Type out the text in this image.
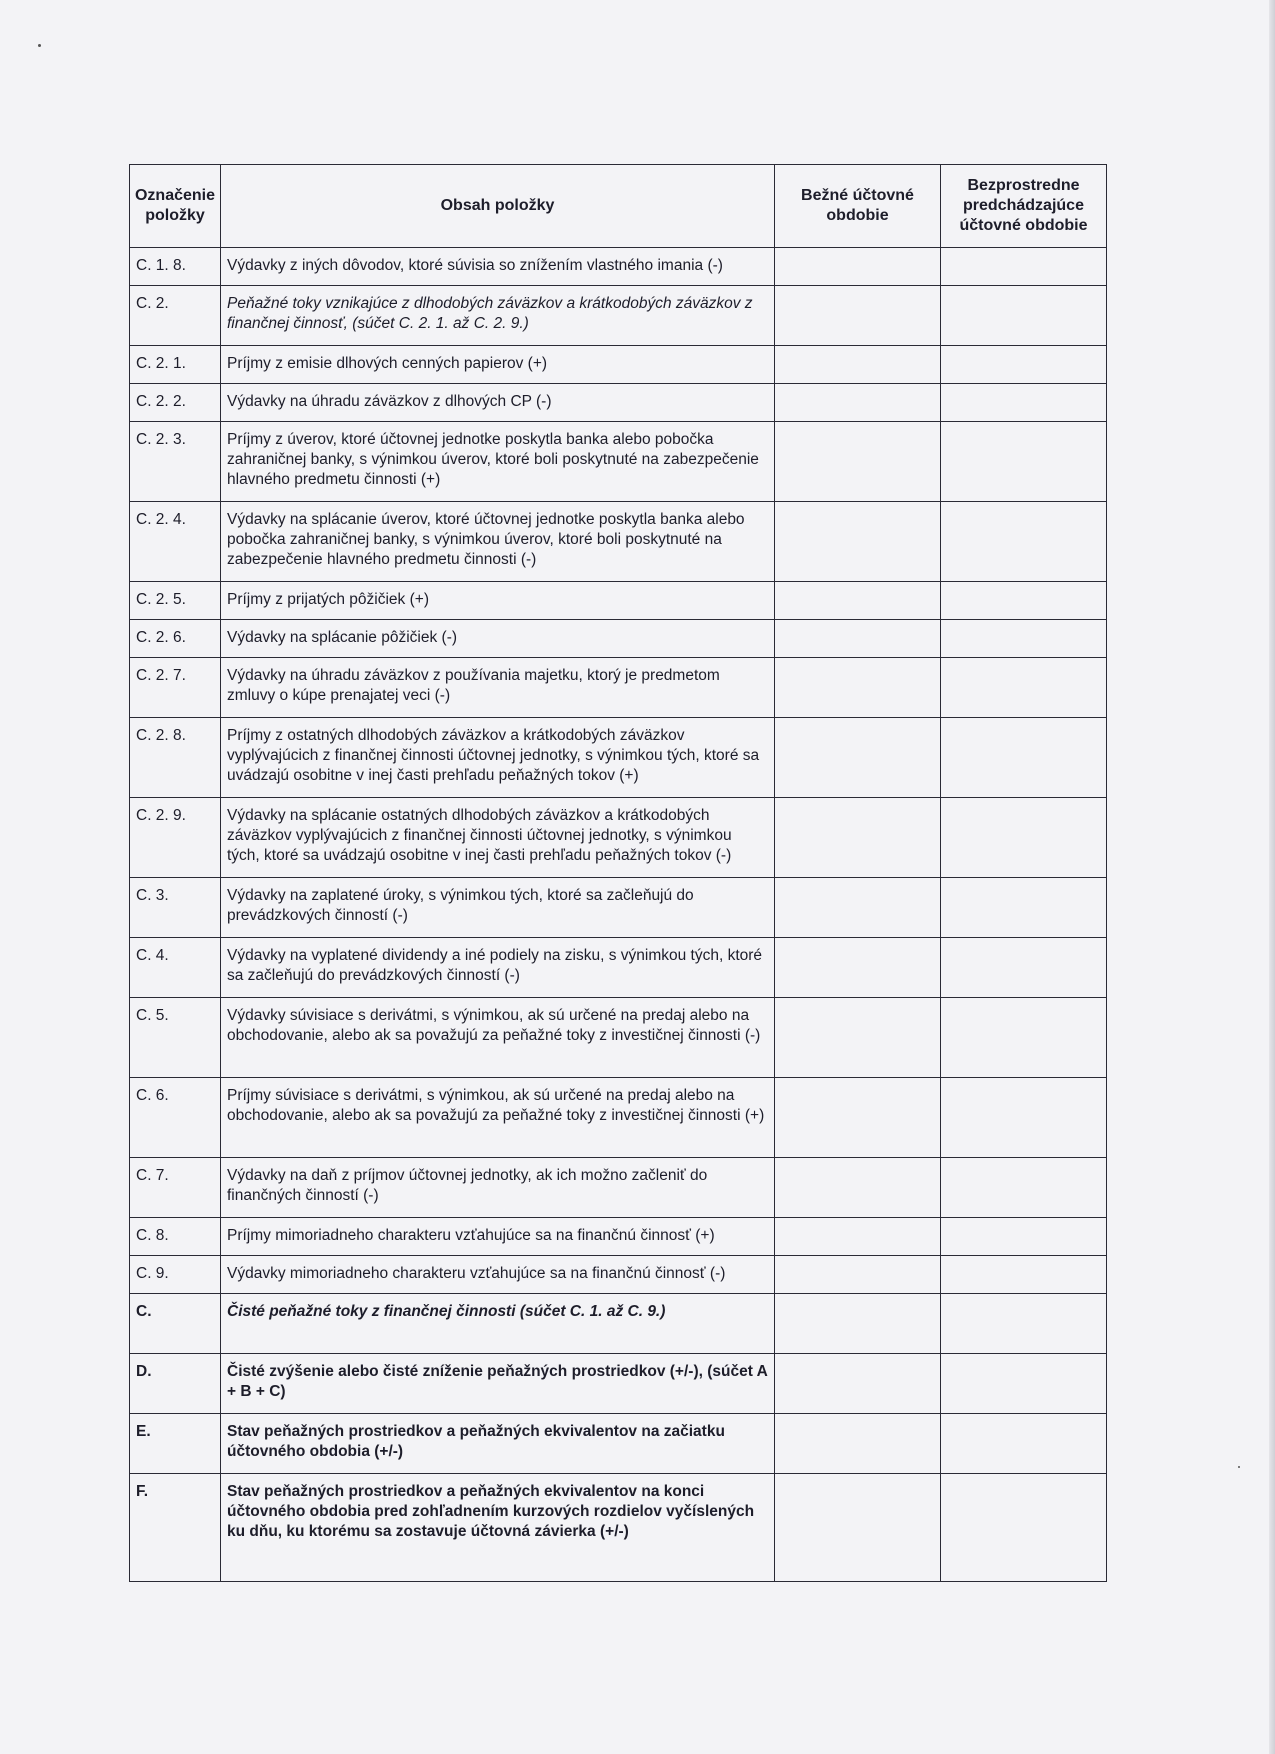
Označenie položky	Obsah položky	Bežné účtovné obdobie	Bezprostredne predchádzajúce účtovné obdobie
C. 1. 8.	Výdavky z iných dôvodov, ktoré súvisia so znížením vlastného imania (-)		
C. 2.	Peňažné toky vznikajúce z dlhodobých záväzkov a krátkodobých záväzkov z finančnej činnosť, (súčet C. 2. 1. až C. 2. 9.)		
C. 2. 1.	Príjmy z emisie dlhových cenných papierov (+)		
C. 2. 2.	Výdavky na úhradu záväzkov z dlhových CP (-)		
C. 2. 3.	Príjmy z úverov, ktoré účtovnej jednotke poskytla banka alebo pobočka zahraničnej banky, s výnimkou úverov, ktoré boli poskytnuté na zabezpečenie hlavného predmetu činnosti (+)		
C. 2. 4.	Výdavky na splácanie úverov, ktoré účtovnej jednotke poskytla banka alebo pobočka zahraničnej banky, s výnimkou úverov, ktoré boli poskytnuté na zabezpečenie hlavného predmetu činnosti (-)		
C. 2. 5.	Príjmy z prijatých pôžičiek (+)		
C. 2. 6.	Výdavky na splácanie pôžičiek (-)		
C. 2. 7.	Výdavky na úhradu záväzkov z používania majetku, ktorý je predmetom zmluvy o kúpe prenajatej veci (-)		
C. 2. 8.	Príjmy z ostatných dlhodobých záväzkov a krátkodobých záväzkov vyplývajúcich z finančnej činnosti účtovnej jednotky, s výnimkou tých, ktoré sa uvádzajú osobitne v inej časti prehľadu peňažných tokov (+)		
C. 2. 9.	Výdavky na splácanie ostatných dlhodobých záväzkov a krátkodobých záväzkov vyplývajúcich z finančnej činnosti účtovnej jednotky, s výnimkou tých, ktoré sa uvádzajú osobitne v inej časti prehľadu peňažných tokov (-)		
C. 3.	Výdavky na zaplatené úroky, s výnimkou tých, ktoré sa začleňujú do prevádzkových činností (-)		
C. 4.	Výdavky na vyplatené dividendy a iné podiely na zisku, s výnimkou tých, ktoré sa začleňujú do prevádzkových činností (-)		
C. 5.	Výdavky súvisiace s derivátmi, s výnimkou, ak sú určené na predaj alebo na obchodovanie, alebo ak sa považujú za peňažné toky z investičnej činnosti (-)		
C. 6.	Príjmy súvisiace s derivátmi, s výnimkou, ak sú určené na predaj alebo na obchodovanie, alebo ak sa považujú za peňažné toky z investičnej činnosti (+)		
C. 7.	Výdavky na daň z príjmov účtovnej jednotky, ak ich možno začleniť do finančných činností (-)		
C. 8.	Príjmy mimoriadneho charakteru vzťahujúce sa na finančnú činnosť (+)		
C. 9.	Výdavky mimoriadneho charakteru vzťahujúce sa na finančnú činnosť (-)		
C.	Čisté peňažné toky z finančnej činnosti (súčet C. 1. až C. 9.)		
D.	Čisté zvýšenie alebo čisté zníženie peňažných prostriedkov (+/-), (súčet A + B + C)		
E.	Stav peňažných prostriedkov a peňažných ekvivalentov na začiatku účtovného obdobia (+/-)		
F.	Stav peňažných prostriedkov a peňažných ekvivalentov na konci účtovného obdobia pred zohľadnením kurzových rozdielov vyčíslených ku dňu, ku ktorému sa zostavuje účtovná závierka (+/-)		
